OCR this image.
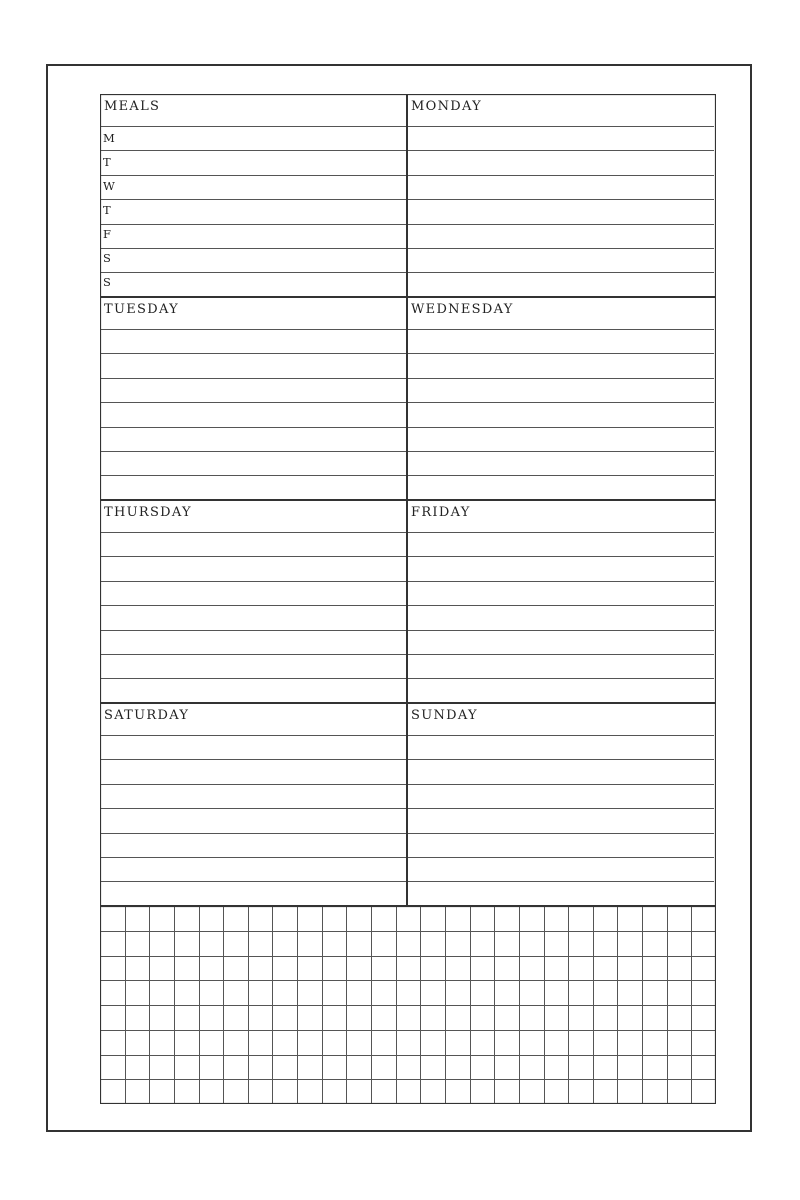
MEALS
M
T
W
T
F
S
S
MONDAY
TUESDAY	WEDNESDAY
THURSDAY	FRIDAY
SATURDAY	SUNDAY
